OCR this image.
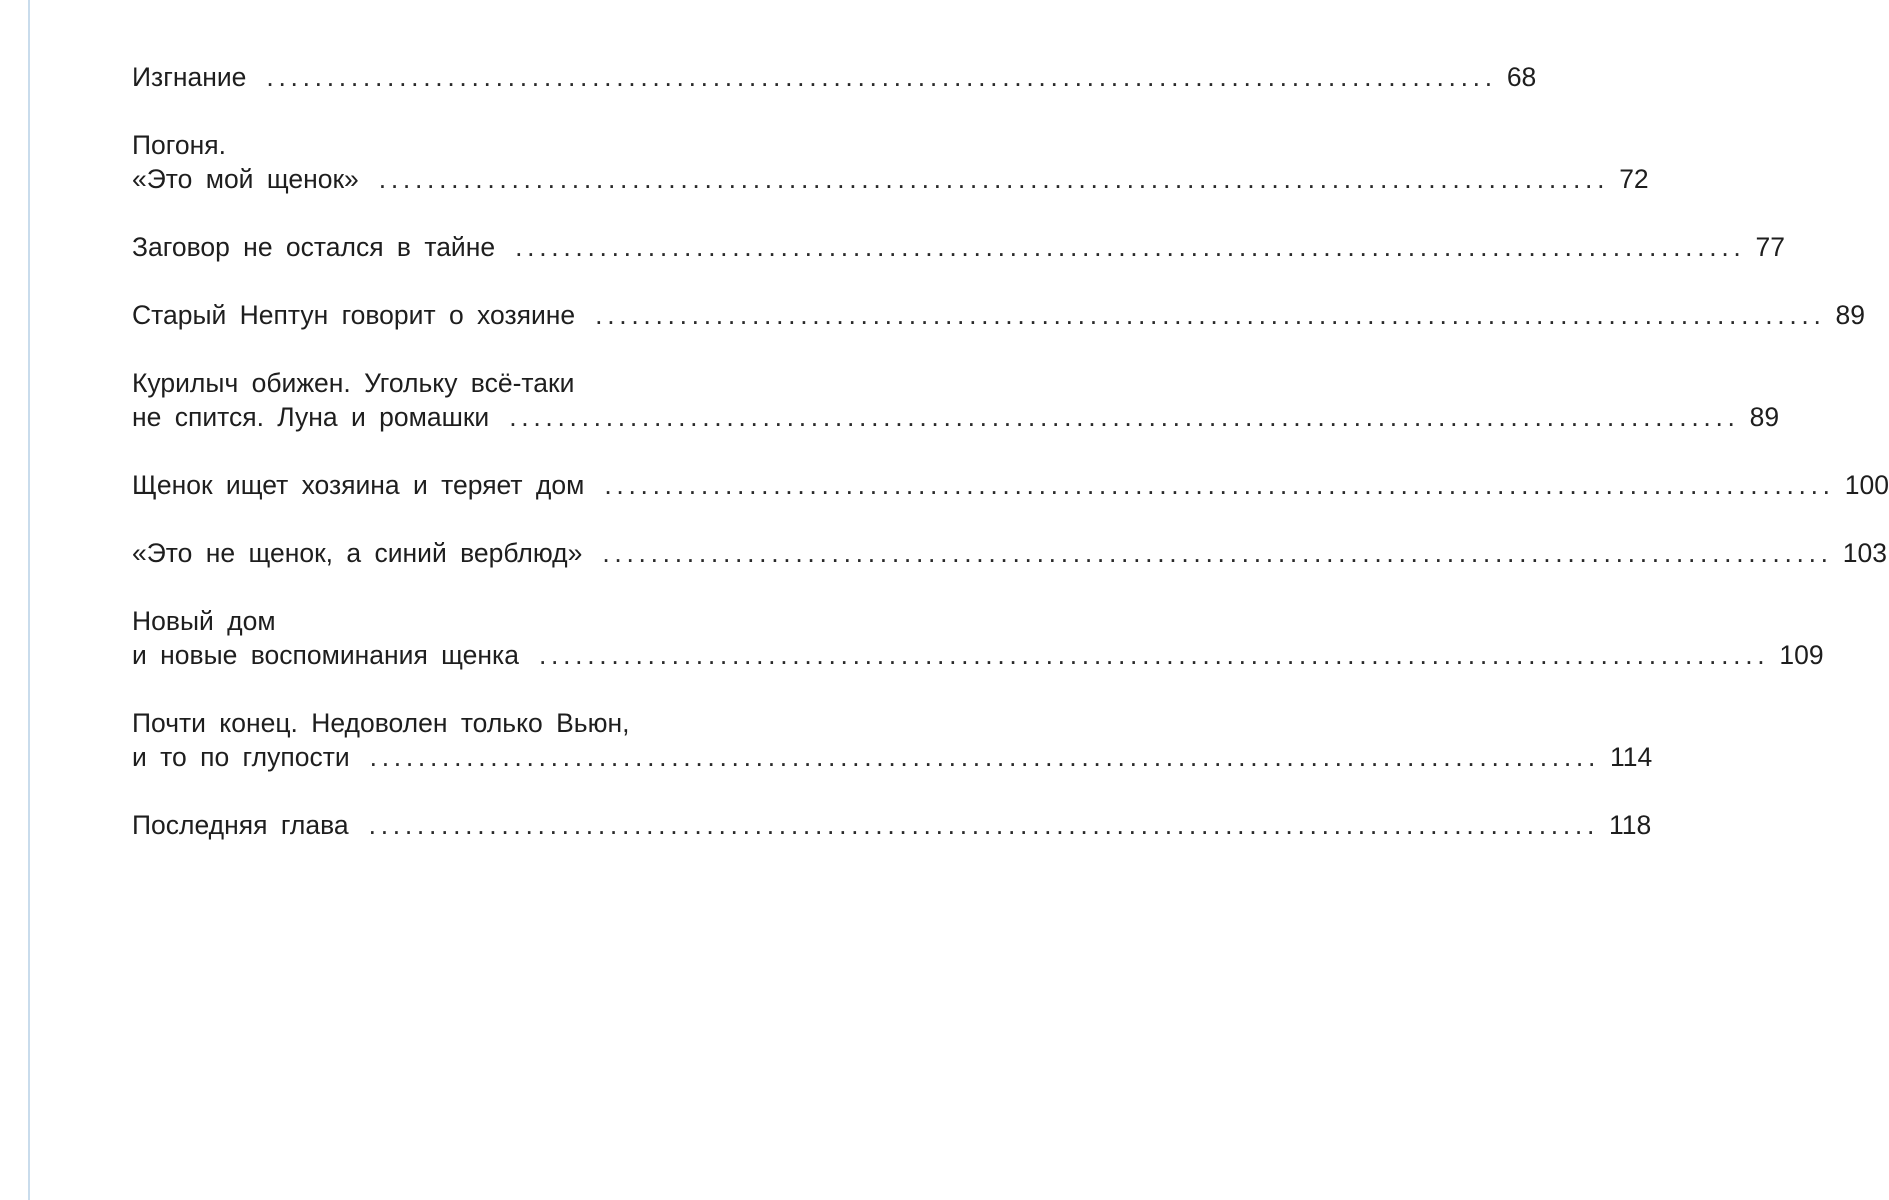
Изгнание ...................................................................................................... 68
Погоня.
«Это мой щенок» ...................................................................................................... 72
Заговор не остался в тайне ...................................................................................................... 77
Старый Нептун говорит о хозяине ...................................................................................................... 89
Курилыч обижен. Угольку всё-таки
не спится. Луна и ромашки ...................................................................................................... 89
Щенок ищет хозяина и теряет дом ...................................................................................................... 100
«Это не щенок, а синий верблюд» ...................................................................................................... 103
Новый дом
и новые воспоминания щенка ...................................................................................................... 109
Почти конец. Недоволен только Вьюн,
и то по глупости ...................................................................................................... 114
Последняя глава ...................................................................................................... 118
